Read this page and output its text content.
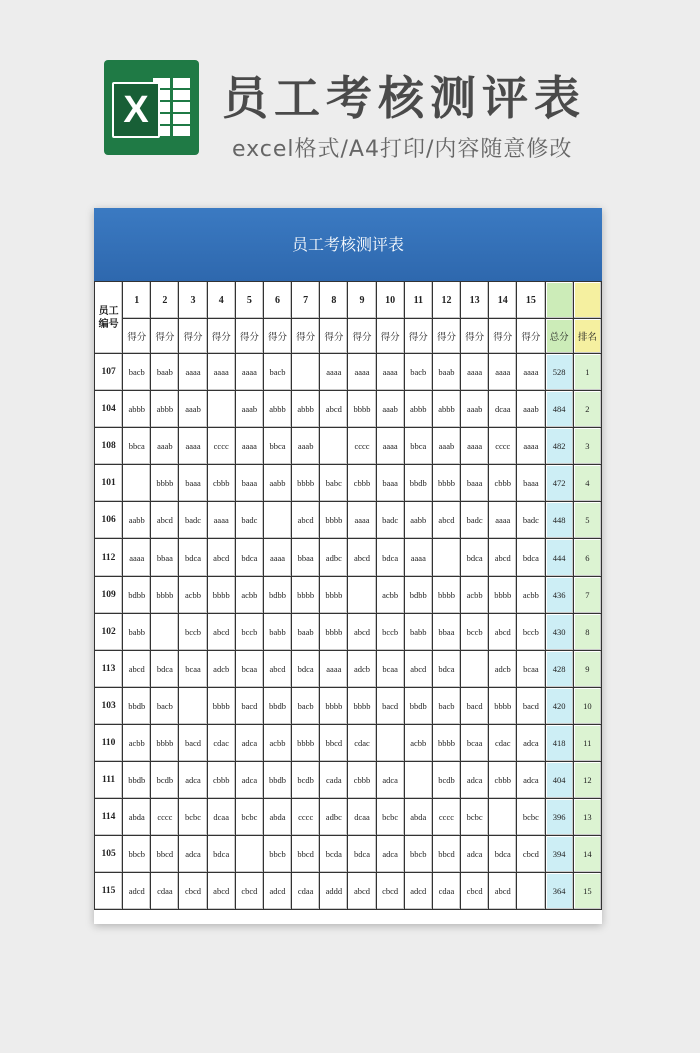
X 员工考核测评表
excel格式/A4打印/内容随意修改
员工考核测评表
员工编号	1	2	3	4	5	6	7	8	9	10	11	12	13	14	15		
	得分	得分	得分	得分	得分	得分	得分	得分	得分	得分	得分	得分	得分	得分	得分	总分	排名
107	bacb	baab	aaaa	aaaa	aaaa	bacb		aaaa	aaaa	aaaa	bacb	baab	aaaa	aaaa	aaaa	528	1
104	abbb	abbb	aaab		aaab	abbb	abbb	abcd	bbbb	aaab	abbb	abbb	aaab	dcaa	aaab	484	2
108	bbca	aaab	aaaa	cccc	aaaa	bbca	aaab		cccc	aaaa	bbca	aaab	aaaa	cccc	aaaa	482	3
101		bbbb	baaa	cbbb	baaa	aabb	bbbb	babc	cbbb	baaa	bbdb	bbbb	baaa	cbbb	baaa	472	4
106	aabb	abcd	badc	aaaa	badc		abcd	bbbb	aaaa	badc	aabb	abcd	badc	aaaa	badc	448	5
112	aaaa	bbaa	bdca	abcd	bdca	aaaa	bbaa	adbc	abcd	bdca	aaaa		bdca	abcd	bdca	444	6
109	bdbb	bbbb	acbb	bbbb	acbb	bdbb	bbbb	bbbb		acbb	bdbb	bbbb	acbb	bbbb	acbb	436	7
102	babb		bccb	abcd	bccb	babb	baab	bbbb	abcd	bccb	babb	bbaa	bccb	abcd	bccb	430	8
113	abcd	bdca	bcaa	adcb	bcaa	abcd	bdca	aaaa	adcb	bcaa	abcd	bdca		adcb	bcaa	428	9
103	bbdb	bacb		bbbb	bacd	bbdb	bacb	bbbb	bbbb	bacd	bbdb	bacb	bacd	bbbb	bacd	420	10
110	acbb	bbbb	bacd	cdac	adca	acbb	bbbb	bbcd	cdac		acbb	bbbb	bcaa	cdac	adca	418	11
111	bbdb	bcdb	adca	cbbb	adca	bbdb	bcdb	cada	cbbb	adca		bcdb	adca	cbbb	adca	404	12
114	abda	cccc	bcbc	dcaa	bcbc	abda	cccc	adbc	dcaa	bcbc	abda	cccc	bcbc		bcbc	396	13
105	bbcb	bbcd	adca	bdca		bbcb	bbcd	bcda	bdca	adca	bbcb	bbcd	adca	bdca	cbcd	394	14
115	adcd	cdaa	cbcd	abcd	cbcd	adcd	cdaa	addd	abcd	cbcd	adcd	cdaa	cbcd	abcd		364	15
